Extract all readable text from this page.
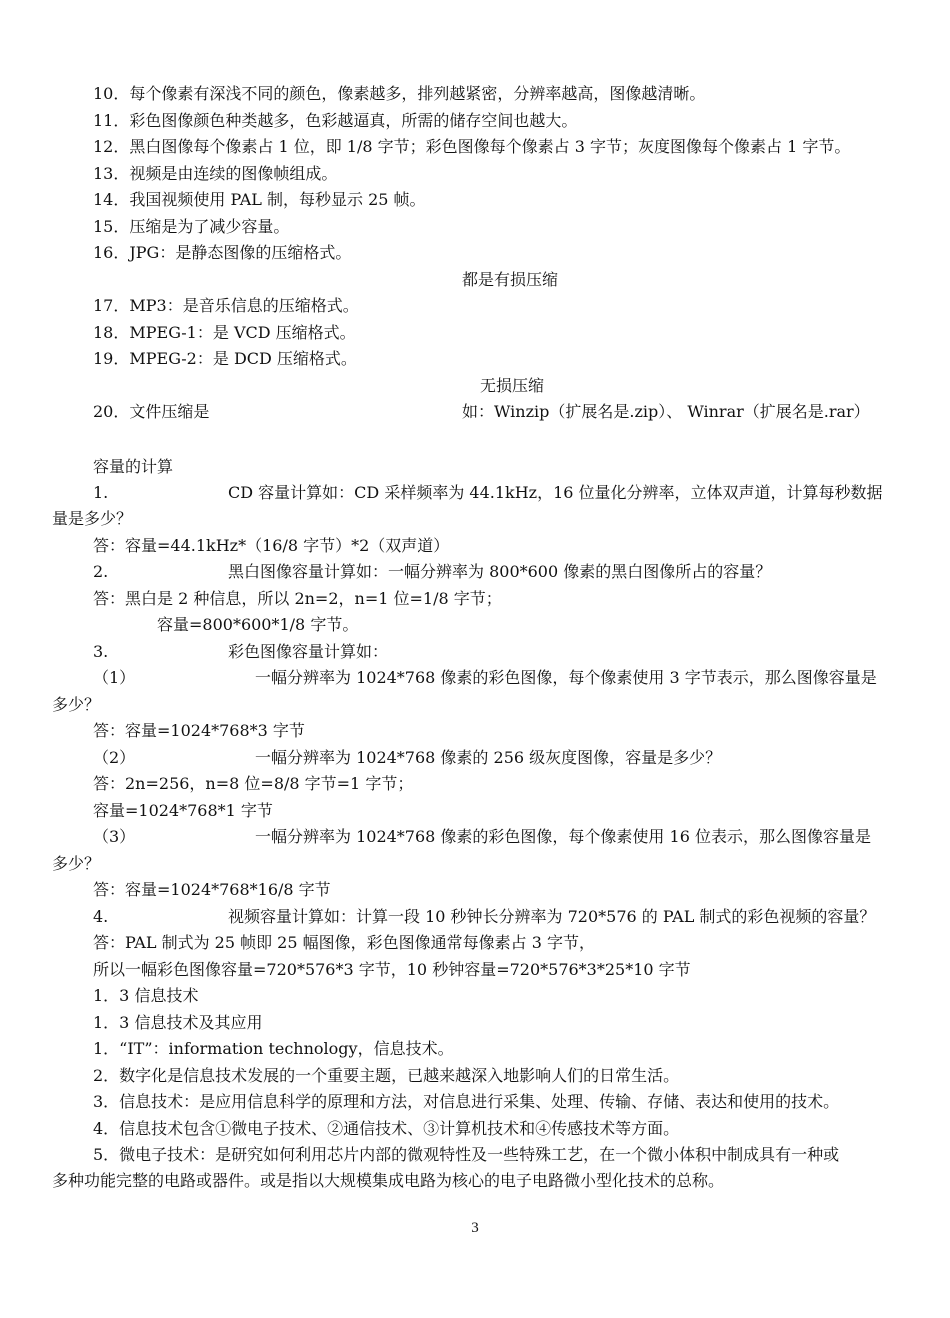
10．每个像素有深浅不同的颜色，像素越多，排列越紧密，分辨率越高，图像越清晰。
11．彩色图像颜色种类越多，色彩越逼真，所需的储存空间也越大。
12．黑白图像每个像素占 1 位，即 1/8 字节；彩色图像每个像素占 3 字节；灰度图像每个像素占 1 字节。
13．视频是由连续的图像帧组成。
14．我国视频使用 PAL 制，每秒显示 25 帧。
15．压缩是为了减少容量。
16．JPG：是静态图像的压缩格式。
都是有损压缩
17．MP3：是音乐信息的压缩格式。
18．MPEG-1：是 VCD 压缩格式。
19．MPEG-2：是 DCD 压缩格式。
无损压缩
20．文件压缩是	如：Winzip（扩展名是.zip）、 Winrar（扩展名是.rar）
容量的计算
1.	CD 容量计算如：CD 采样频率为 44.1kHz，16 位量化分辨率，立体双声道，计算每秒数据
量是多少？
答：容量=44.1kHz*（16/8 字节）*2（双声道）
2.	黑白图像容量计算如：一幅分辨率为 800*600 像素的黑白图像所占的容量？
答：黑白是 2 种信息，所以 2n=2，n=1 位=1/8 字节；
容量=800*600*1/8 字节。
3.	彩色图像容量计算如：
（1）	一幅分辨率为 1024*768 像素的彩色图像，每个像素使用 3 字节表示，那么图像容量是
多少？
答：容量=1024*768*3 字节
（2）	一幅分辨率为 1024*768 像素的 256 级灰度图像，容量是多少？
答：2n=256，n=8 位=8/8 字节=1 字节；
容量=1024*768*1 字节
（3）	一幅分辨率为 1024*768 像素的彩色图像，每个像素使用 16 位表示，那么图像容量是
多少？
答：容量=1024*768*16/8 字节
4.	视频容量计算如：计算一段 10 秒钟长分辨率为 720*576 的 PAL 制式的彩色视频的容量？
答：PAL 制式为 25 帧即 25 幅图像，彩色图像通常每像素占 3 字节，
所以一幅彩色图像容量=720*576*3 字节，10 秒钟容量=720*576*3*25*10 字节
1．3 信息技术
1．3 信息技术及其应用
1．“IT”：information technology，信息技术。
2．数字化是信息技术发展的一个重要主题，已越来越深入地影响人们的日常生活。
3．信息技术：是应用信息科学的原理和方法，对信息进行采集、处理、传输、存储、表达和使用的技术。
4．信息技术包含①微电子技术、②通信技术、③计算机技术和④传感技术等方面。
5．微电子技术：是研究如何利用芯片内部的微观特性及一些特殊工艺，在一个微小体积中制成具有一种或
多种功能完整的电路或器件。或是指以大规模集成电路为核心的电子电路微小型化技术的总称。
3
